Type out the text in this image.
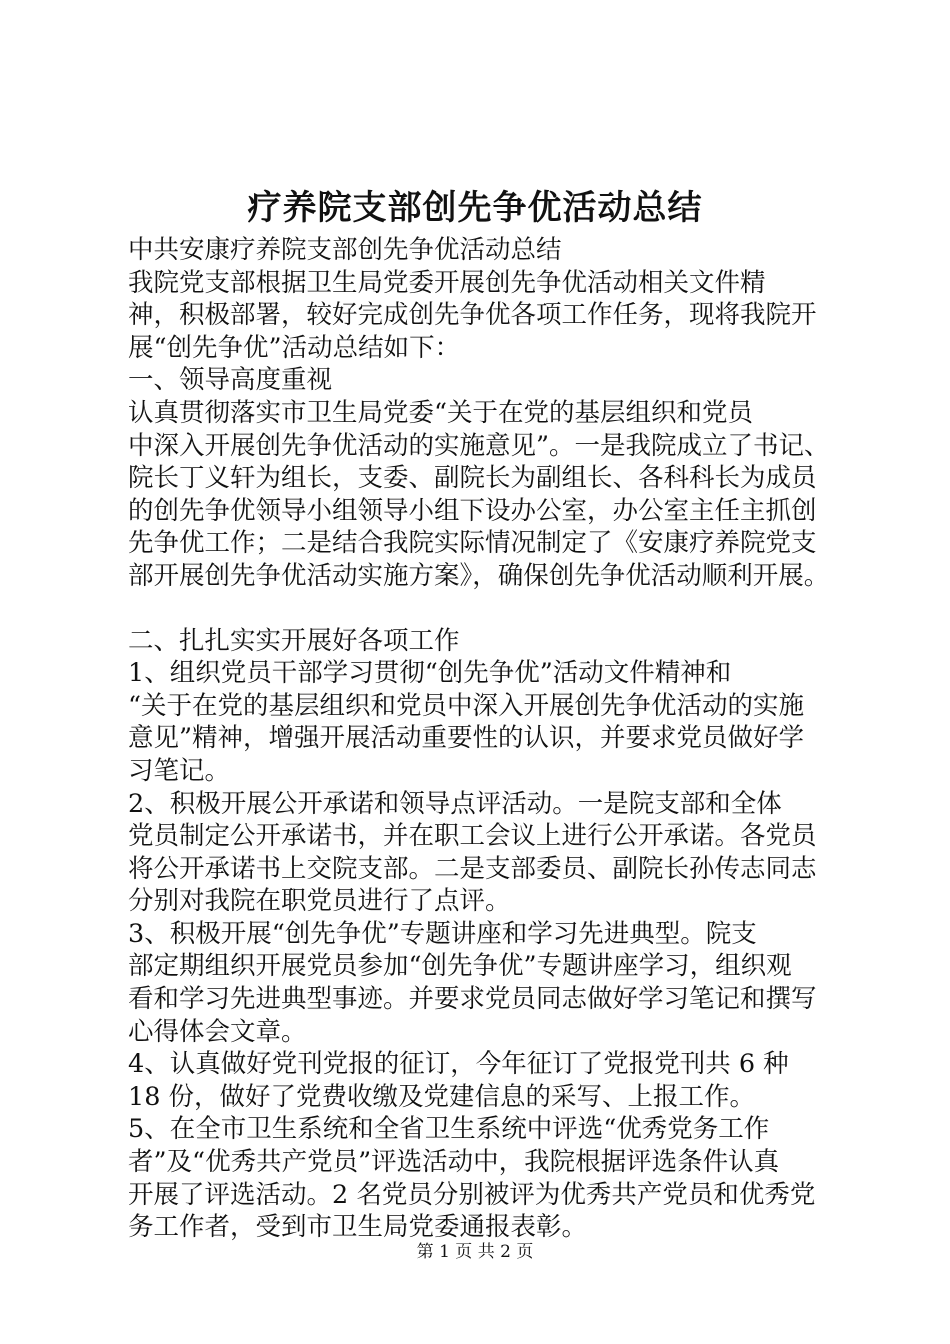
疗养院支部创先争优活动总结
中共安康疗养院支部创先争优活动总结
我院党支部根据卫生局党委开展创先争优活动相关文件精
神，积极部署，较好完成创先争优各项工作任务，现将我院开
展“创先争优”活动总结如下：
一、领导高度重视
认真贯彻落实市卫生局党委“关于在党的基层组织和党员
中深入开展创先争优活动的实施意见”。一是我院成立了书记、
院长丁义轩为组长，支委、副院长为副组长、各科科长为成员
的创先争优领导小组领导小组下设办公室，办公室主任主抓创
先争优工作；二是结合我院实际情况制定了《安康疗养院党支
部开展创先争优活动实施方案》，确保创先争优活动顺利开展。
二、扎扎实实开展好各项工作
1、组织党员干部学习贯彻“创先争优”活动文件精神和
“关于在党的基层组织和党员中深入开展创先争优活动的实施
意见”精神，增强开展活动重要性的认识，并要求党员做好学
习笔记。
2、积极开展公开承诺和领导点评活动。一是院支部和全体
党员制定公开承诺书，并在职工会议上进行公开承诺。各党员
将公开承诺书上交院支部。二是支部委员、副院长孙传志同志
分别对我院在职党员进行了点评。
3、积极开展“创先争优”专题讲座和学习先进典型。院支
部定期组织开展党员参加“创先争优”专题讲座学习，组织观
看和学习先进典型事迹。并要求党员同志做好学习笔记和撰写
心得体会文章。
4、认真做好党刊党报的征订，今年征订了党报党刊共 6 种
18 份，做好了党费收缴及党建信息的采写、上报工作。
5、在全市卫生系统和全省卫生系统中评选“优秀党务工作
者”及“优秀共产党员”评选活动中，我院根据评选条件认真
开展了评选活动。2 名党员分别被评为优秀共产党员和优秀党
务工作者，受到市卫生局党委通报表彰。
第 1 页 共 2 页
